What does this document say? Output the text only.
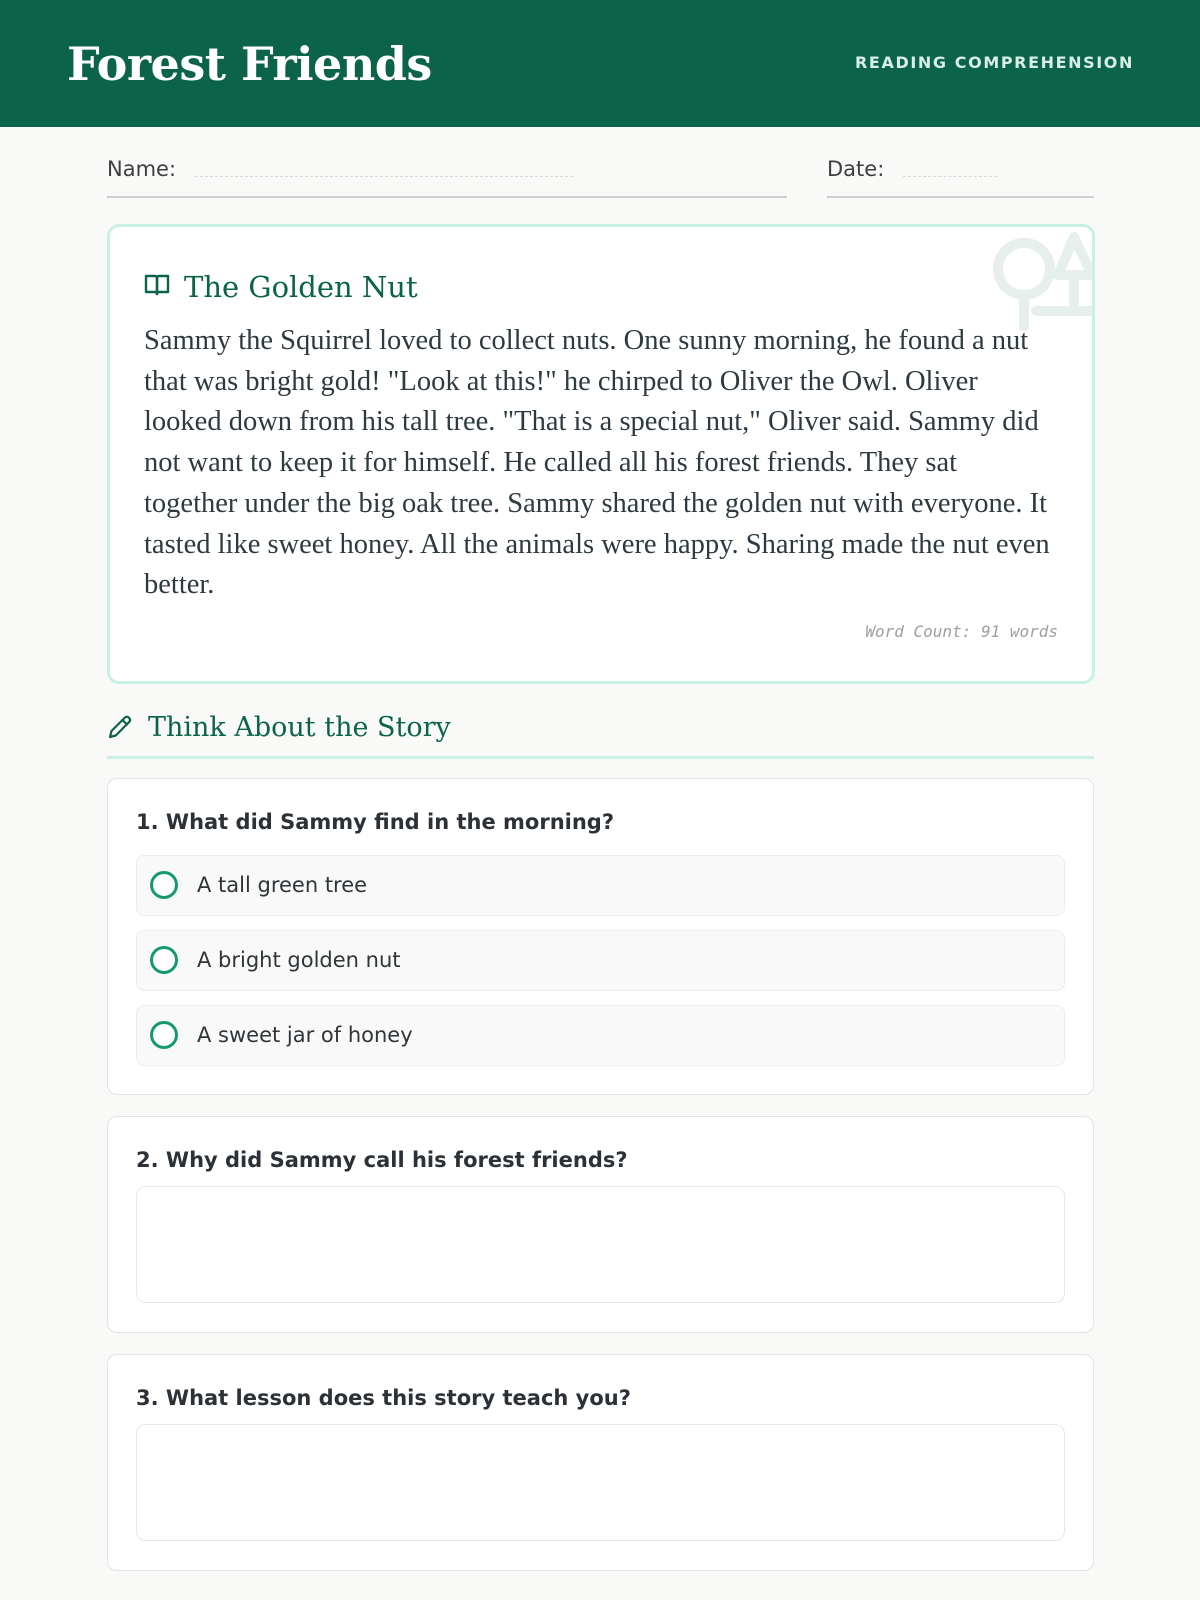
Forest Friends	READING COMPREHENSION
Name:	Date:
The Golden Nut

Sammy the Squirrel loved to collect nuts. One sunny morning, he found a nut that was bright gold! "Look at this!" he chirped to Oliver the Owl. Oliver looked down from his tall tree. "That is a special nut," Oliver said. Sammy did not want to keep it for himself. He called all his forest friends. They sat together under the big oak tree. Sammy shared the golden nut with everyone. It tasted like sweet honey. All the animals were happy. Sharing made the nut even better.

Word Count: 91 words
Think About the Story
1. What did Sammy find in the morning?
A tall green tree
A bright golden nut
A sweet jar of honey
2. Why did Sammy call his forest friends?
3. What lesson does this story teach you?
